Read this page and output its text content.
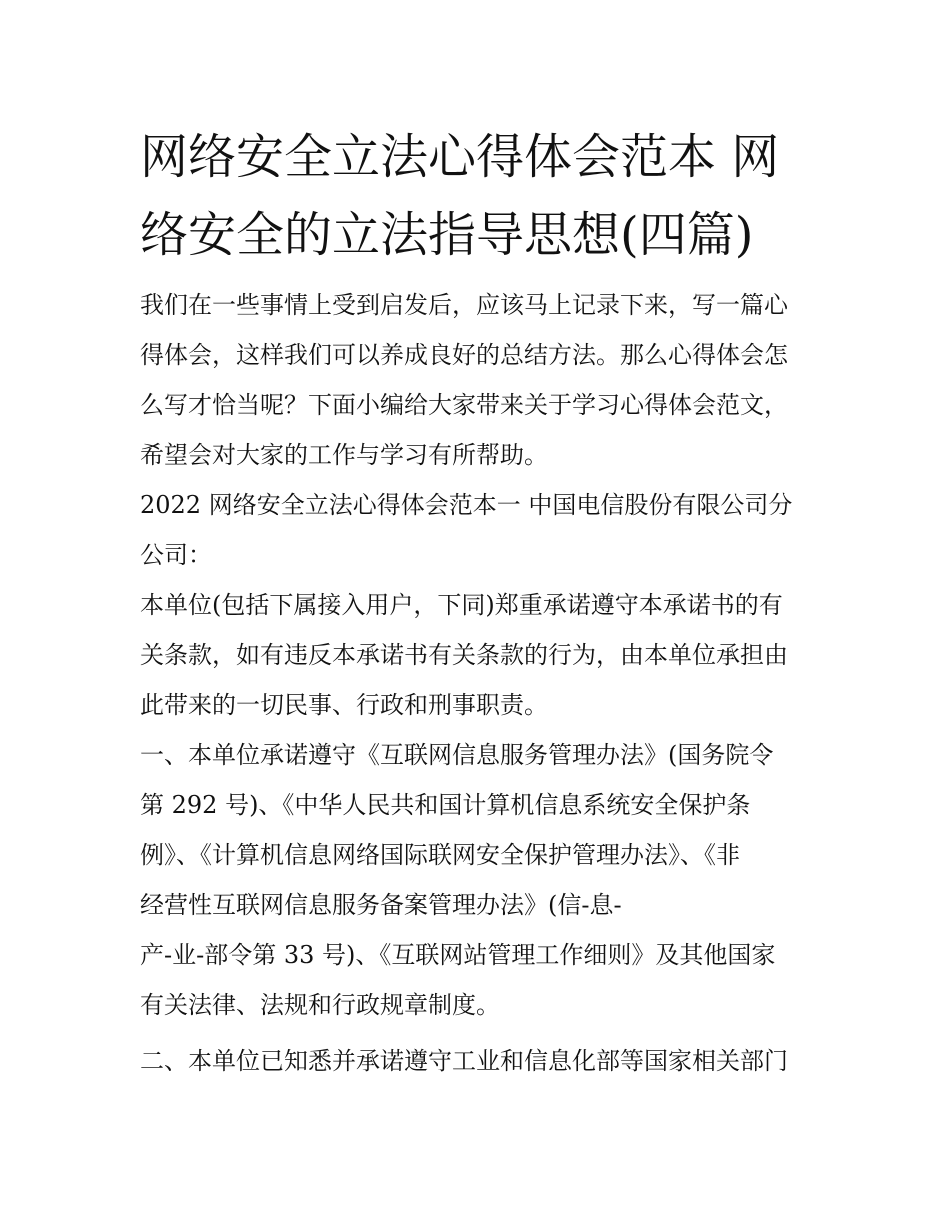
网络安全立法心得体会范本 网
络安全的立法指导思想(四篇)
我们在一些事情上受到启发后，应该马上记录下来，写一篇心
得体会，这样我们可以养成良好的总结方法。那么心得体会怎
么写才恰当呢？下面小编给大家带来关于学习心得体会范文，
希望会对大家的工作与学习有所帮助。
2022 网络安全立法心得体会范本一 中国电信股份有限公司分
公司：
本单位(包括下属接入用户，下同)郑重承诺遵守本承诺书的有
关条款，如有违反本承诺书有关条款的行为，由本单位承担由
此带来的一切民事、行政和刑事职责。
一、本单位承诺遵守《互联网信息服务管理办法》(国务院令
第 292 号)、《中华人民共和国计算机信息系统安全保护条
例》、《计算机信息网络国际联网安全保护管理办法》、《非
经营性互联网信息服务备案管理办法》(信-息-
产-业-部令第 33 号)、《互联网站管理工作细则》及其他国家
有关法律、法规和行政规章制度。
二、本单位已知悉并承诺遵守工业和信息化部等国家相关部门
